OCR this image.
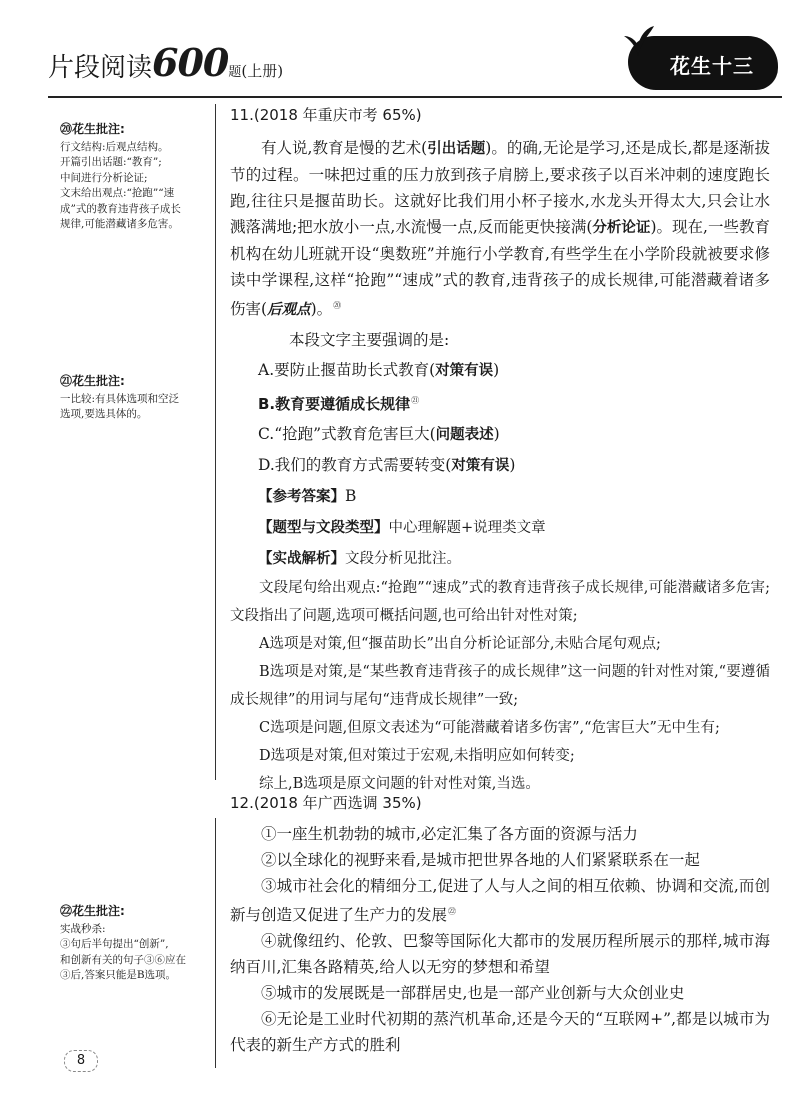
片段阅读600题(上册)	花生十三
⑳花生批注:
行文结构:后观点结构。
开篇引出话题:“教育”;
中间进行分析论证;
文末给出观点:“抢跑”“速
成”式的教育违背孩子成长
规律,可能潜藏诸多危害。
㉑花生批注:
一比较:有具体选项和空泛
选项,要选具体的。
㉒花生批注:
实战秒杀:
③句后半句提出“创新”,
和创新有关的句子③⑥应在
③后,答案只能是B选项。
11.(2018 年重庆市考 65%)

有人说,教育是慢的艺术(引出话题)。的确,无论是学习,还是成长,都是逐渐拔节的过程。一味把过重的压力放到孩子肩膀上,要求孩子以百米冲刺的速度跑长跑,往往只是揠苗助长。这就好比我们用小杯子接水,水龙头开得太大,只会让水溅落满地;把水放小一点,水流慢一点,反而能更快接满(分析论证)。现在,一些教育机构在幼儿班就开设“奥数班”并施行小学教育,有些学生在小学阶段就被要求修读中学课程,这样“抢跑”“速成”式的教育,违背孩子的成长规律,可能潜藏着诸多伤害(后观点)。⑳

本段文字主要强调的是:
A.要防止揠苗助长式教育(对策有误)
B.教育要遵循成长规律$^㉑$
C.“抢跑”式教育危害巨大(问题表述)
D.我们的教育方式需要转变(对策有误)
【参考答案】B
【题型与文段类型】中心理解题+说理类文章
【实战解析】文段分析见批注。

文段尾句给出观点:“抢跑”“速成”式的教育违背孩子成长规律,可能潜藏诸多危害;文段指出了问题,选项可概括问题,也可给出针对性对策;

A选项是对策,但“揠苗助长”出自分析论证部分,未贴合尾句观点;

B选项是对策,是“某些教育违背孩子的成长规律”这一问题的针对性对策,“要遵循成长规律”的用词与尾句“违背成长规律”一致;

C选项是问题,但原文表述为“可能潜藏着诸多伤害”,“危害巨大”无中生有;

D选项是对策,但对策过于宏观,未指明应如何转变;

综上,B选项是原文问题的针对性对策,当选。

12.(2018 年广西选调 35%)

①一座生机勃勃的城市,必定汇集了各方面的资源与活力

②以全球化的视野来看,是城市把世界各地的人们紧紧联系在一起

③城市社会化的精细分工,促进了人与人之间的相互依赖、协调和交流,而创新与创造又促进了生产力的发展$^㉒$

④就像纽约、伦敦、巴黎等国际化大都市的发展历程所展示的那样,城市海纳百川,汇集各路精英,给人以无穷的梦想和希望

⑤城市的发展既是一部群居史,也是一部产业创新与大众创业史

⑥无论是工业时代初期的蒸汽机革命,还是今天的“互联网+”,都是以城市为代表的新生产方式的胜利

8
